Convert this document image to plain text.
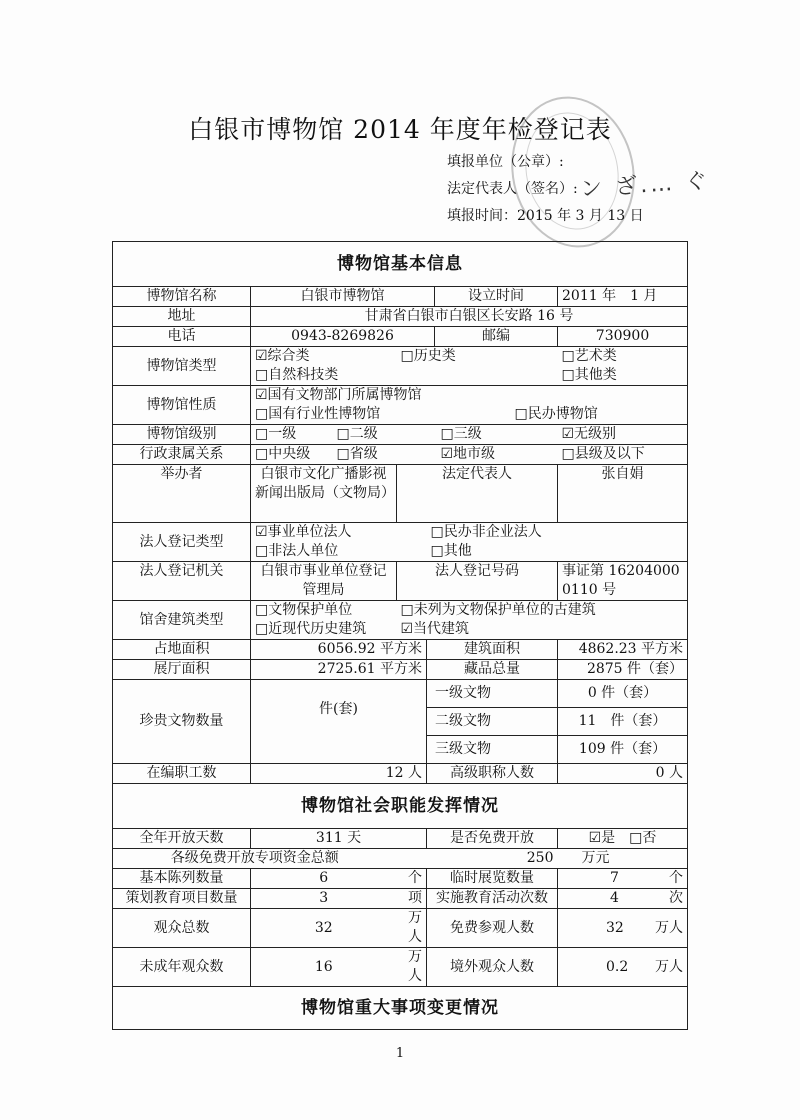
ン ざ.… ぐ
白银市博物馆 2014 年度年检登记表
填报单位（公章）:
法定代表人（签名）:
填报时间：2015 年 3 月 13 日
博物馆基本信息						
博物馆名称	白银市博物馆				设立时间	2011 年　1 月
地址	甘肃省白银市白银区长安路 16 号					
电话	0943-8269826				邮编	730900
博物馆类型	☑综合类		□历史类			□艺术类
	□自然科技类					□其他类
博物馆性质	☑国有文物部门所属博物馆					
	□国有行业性博物馆				□民办博物馆	
博物馆级别	□一级	□二级		□三级		☑无级别
行政隶属关系	□中央级	□省级		☑地市级		□县级及以下
举办者	白银市文化广播影视新闻出版局（文物局）		法定代表人			张自娟
法人登记类型	☑事业单位法人			□民办非企业法人		
	□非法人单位			□其他		
法人登记机关	白银市事业单位登记管理局		法人登记号码			事证第 162040000110 号
馆舍建筑类型	□文物保护单位		□未列为文物保护单位的古建筑			
	□近现代历史建筑		☑当代建筑			
占地面积	6056.92 平方米			建筑面积		4862.23 平方米
展厅面积	2725.61 平方米			藏品总量		2875 件（套）
珍贵文物数量	件(套)			一级文物		0 件（套）
				二级文物		11　件（套）
				三级文物		109 件（套）
在编职工数	12 人			高级职称人数		0 人
博物馆社会职能发挥情况						
全年开放天数	311 天			是否免费开放		☑是　 □否
各级免费开放专项资金总额			250			万元
基本陈列数量	6		个	临时展览数量		7 个

策划教育项目数量	3		项	实施教育活动次数		4 次

观众总数	32		万人	免费参观人数		32 万人

未成年观众数	16		万人	境外观众人数		0.2 万人

博物馆重大事项变更情况						
1
